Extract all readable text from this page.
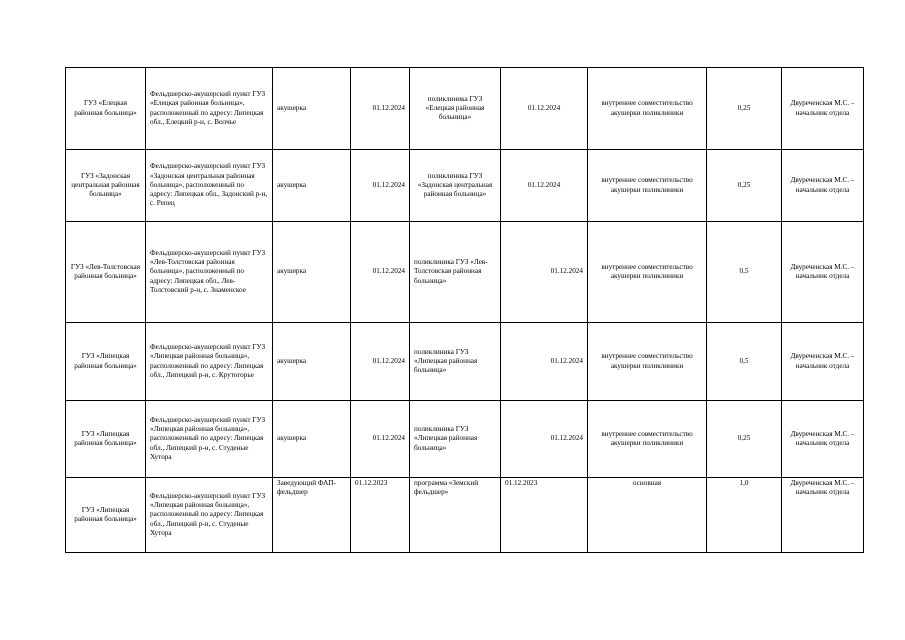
ГУЗ «Елецкая районная больница»	Фельдшерско-акушерский пункт ГУЗ «Елецкая районная больница», расположенный по адресу: Липецкая обл., Елецкий р-н, с. Волчье	акушерка	01.12.2024	поликлиника ГУЗ «Елецкая районная больница»	01.12.2024	внутреннее совместительство акушерки поликлиники	0,25	Двуреченская М.С. – начальник отдела
ГУЗ «Задонская центральная районная больница»	Фельдшерско-акушерский пункт ГУЗ «Задонская центральная районная больница», расположенный по адресу: Липецкая обл., Задонский р-н, с. Репец	акушерка	01.12.2024	поликлиника ГУЗ «Задонская центральная районная больница»	01.12.2024	внутреннее совместительство акушерки поликлиники	0,25	Двуреченская М.С. – начальник отдела
ГУЗ «Лев-Толстовская районная больница»	Фельдшерско-акушерский пункт ГУЗ «Лев-Толстовская районная больница», расположенный по адресу: Липецкая обл., Лев-Толстовский р-н, с. Знаменское	акушерка	01.12.2024	поликлиника ГУЗ «Лев-Толстовская районная больница»	01.12.2024	внутреннее совместительство акушерки поликлиники	0,5	Двуреченская М.С. – начальник отдела
ГУЗ «Липецкая районная больница»	Фельдшерско-акушерский пункт ГУЗ «Липецкая районная больница», расположенный по адресу: Липецкая обл., Липецкий р-н, с. Крутогорье	акушерка	01.12.2024	поликлиника ГУЗ «Липецкая районная больница»	01.12.2024	внутреннее совместительство акушерки поликлиники	0,5	Двуреченская М.С. – начальник отдела
ГУЗ «Липецкая районная больница»	Фельдшерско-акушерский пункт ГУЗ «Липецкая районная больница», расположенный по адресу: Липецкая обл., Липецкий р-н, с. Студеные Хутора	акушерка	01.12.2024	поликлиника ГУЗ «Липецкая районная больница»	01.12.2024	внутреннее совместительство акушерки поликлиники	0,25	Двуреченская М.С. – начальник отдела
ГУЗ «Липецкая районная больница»	Фельдшерско-акушерский пункт ГУЗ «Липецкая районная больница», расположенный по адресу: Липецкая обл., Липецкий р-н, с. Студеные Хутора	Заведующий ФАП-фельдшер	01.12.2023	программа «Земский фельдшер»	01.12.2023	основная	1,0	Двуреченская М.С. – начальник отдела
